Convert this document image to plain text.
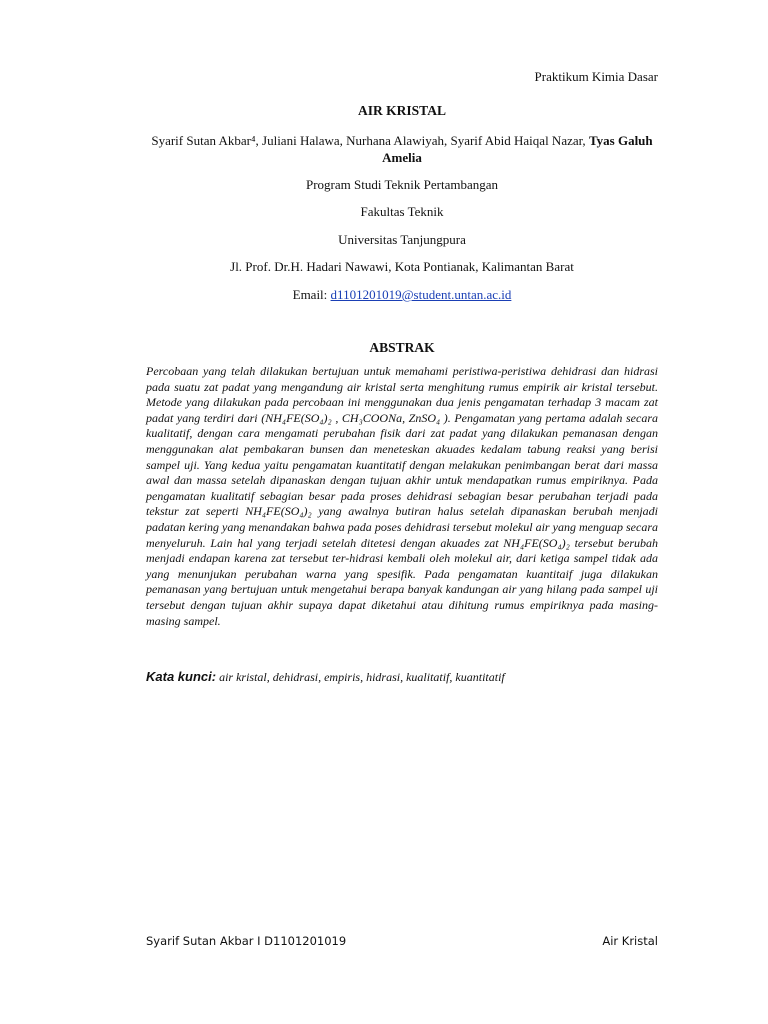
Praktikum Kimia Dasar
AIR KRISTAL
Syarif Sutan Akbar⁴, Juliani Halawa, Nurhana Alawiyah, Syarif Abid Haiqal Nazar, Tyas Galuh Amelia
Program Studi Teknik Pertambangan
Fakultas Teknik
Universitas Tanjungpura
Jl. Prof. Dr.H. Hadari Nawawi, Kota Pontianak, Kalimantan Barat
Email: d1101201019@student.untan.ac.id
ABSTRAK
Percobaan yang telah dilakukan bertujuan untuk memahami peristiwa-peristiwa dehidrasi dan hidrasi pada suatu zat padat yang mengandung air kristal serta menghitung rumus empirik air kristal tersebut. Metode yang dilakukan pada percobaan ini menggunakan dua jenis pengamatan terhadap 3 macam zat padat yang terdiri dari (NH₄FE(SO₄)₂ , CH₃COONa, ZnSO₄ ). Pengamatan yang pertama adalah secara kualitatif, dengan cara mengamati perubahan fisik dari zat padat yang dilakukan pemanasan dengan menggunakan alat pembakaran bunsen dan meneteskan akuades kedalam tabung reaksi yang berisi sampel uji. Yang kedua yaitu pengamatan kuantitatif dengan melakukan penimbangan berat dari massa awal dan massa setelah dipanaskan dengan tujuan akhir untuk mendapatkan rumus empiriknya. Pada pengamatan kualitatif sebagian besar pada proses dehidrasi sebagian besar perubahan terjadi pada tekstur zat seperti NH₄FE(SO₄)₂ yang awalnya butiran halus setelah dipanaskan berubah menjadi padatan kering yang menandakan bahwa pada poses dehidrasi tersebut molekul air yang menguap secara menyeluruh. Lain hal yang terjadi setelah ditetesi dengan akuades zat NH₄FE(SO₄)₂ tersebut berubah menjadi endapan karena zat tersebut ter-hidrasi kembali oleh molekul air, dari ketiga sampel tidak ada yang menunjukan perubahan warna yang spesifik. Pada pengamatan kuantitaif juga dilakukan pemanasan yang bertujuan untuk mengetahui berapa banyak kandungan air yang hilang pada sampel uji tersebut dengan tujuan akhir supaya dapat diketahui atau dihitung rumus empiriknya pada masing-masing sampel.
Kata kunci: air kristal, dehidrasi, empiris, hidrasi, kualitatif, kuantitatif
Syarif Sutan Akbar I D1101201019	Air Kristal
